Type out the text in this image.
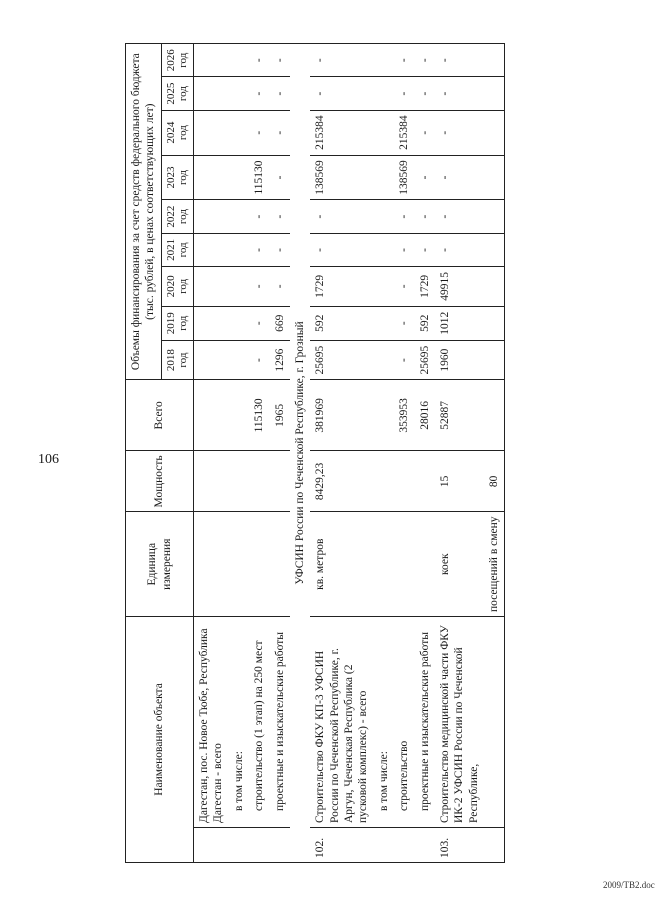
106
2009/TB2.doc
Наименование объекта		Единица измерения	Мощность	Всего	Объемы финансирования за счет средств федерального бюджета (тыс. рублей, в ценах соответствующих лет)								
					2018 год	2019 год	2020 год	2021 год	2022 год	2023 год	2024 год	2025 год	2026 год
	Дагестан, пос. Новое Тюбе, Республика Дагестан - всего												
	в том числе:												
	строительство (1 этап) на 250 мест			115130	-	-	-	-	-	115130	-	-	-
	проектные и изыскательские работы			1965	1296	669	-	-	-	-	-	-	-
УФСИН России по Чеченской Республике, г. Грозный													
102.	Строительство ФКУ КП-3 УФСИН России по Чеченской Республике, г. Аргун, Чеченская Республика (2 пусковой комплекс) - всего	кв. метров	8429,23	381969	25695	592	1729	-	-	138569	215384	-	-
	в том числе:												
	строительство			353953	-	-	-	-	-	138569	215384	-	-
	проектные и изыскательские работы			28016	25695	592	1729	-	-	-	-	-	-
103.	Строительство медицинской части ФКУ ИК-2 УФСИН России по Чеченской Республике,	коек	15	52887	1960	1012	49915	-	-	-	-	-	-
		посещений в смену	80										
